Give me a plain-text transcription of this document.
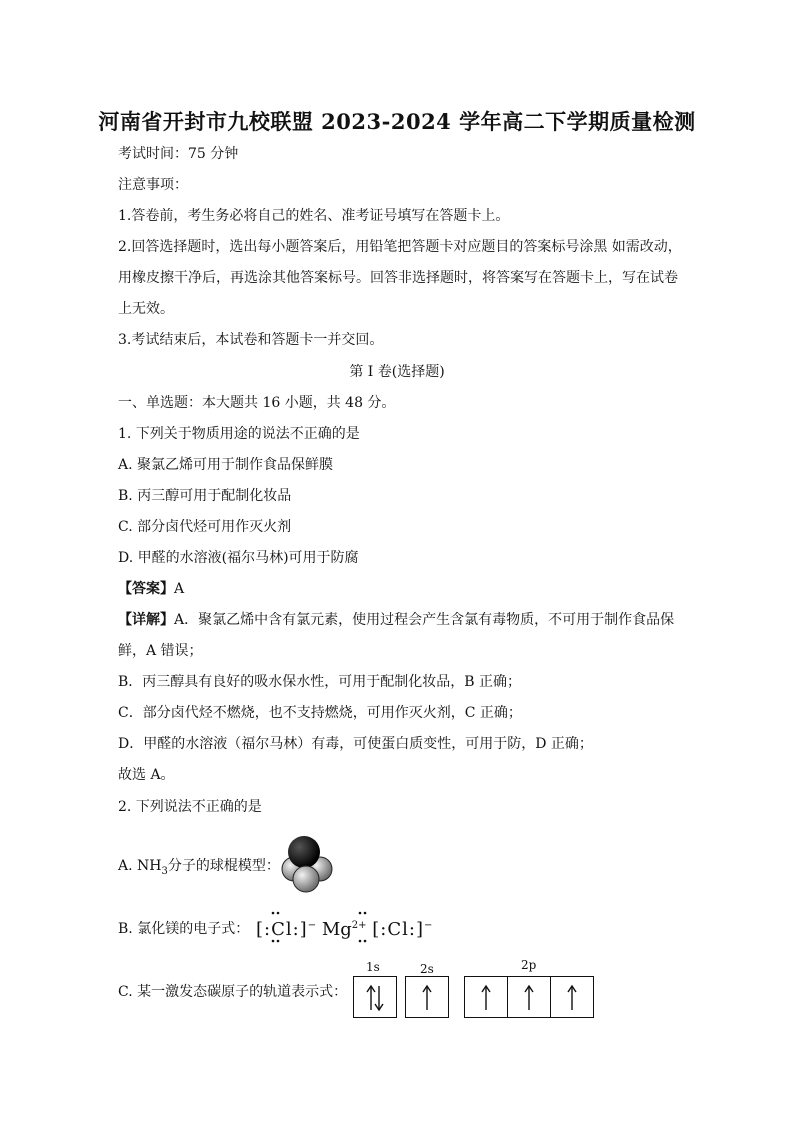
河南省开封市九校联盟 2023-2024 学年高二下学期质量检测
考试时间：75 分钟
注意事项：
1.答卷前，考生务必将自己的姓名、准考证号填写在答题卡上。
2.回答选择题时，选出每小题答案后，用铅笔把答题卡对应题目的答案标号涂黑 如需改动，
用橡皮擦干净后，再选涂其他答案标号。回答非选择题时，将答案写在答题卡上，写在试卷
上无效。
3.考试结束后，本试卷和答题卡一并交回。
第 I 卷(选择题)
一、单选题：本大题共 16 小题，共 48 分。
1. 下列关于物质用途的说法不正确的是
A. 聚氯乙烯可用于制作食品保鲜膜
B. 丙三醇可用于配制化妆品
C. 部分卤代烃可用作灭火剂
D. 甲醛的水溶液(福尔马林)可用于防腐
【答案】A
【详解】A．聚氯乙烯中含有氯元素，使用过程会产生含氯有毒物质，不可用于制作食品保
鲜，A 错误；
B．丙三醇具有良好的吸水保水性，可用于配制化妆品，B 正确；
C．部分卤代烃不燃烧，也不支持燃烧，可用作灭火剂，C 正确；
D．甲醛的水溶液（福尔马林）有毒，可使蛋白质变性，可用于防，D 正确；
故选 A。
2. 下列说法不正确的是
A. $NH_3$分子的球棍模型：
B. 氯化镁的电子式： [:Cl:]− $Mg^{2+}$ [:Cl:]−
C. 某一激发态碳原子的轨道表示式：
1s	2s	2p
